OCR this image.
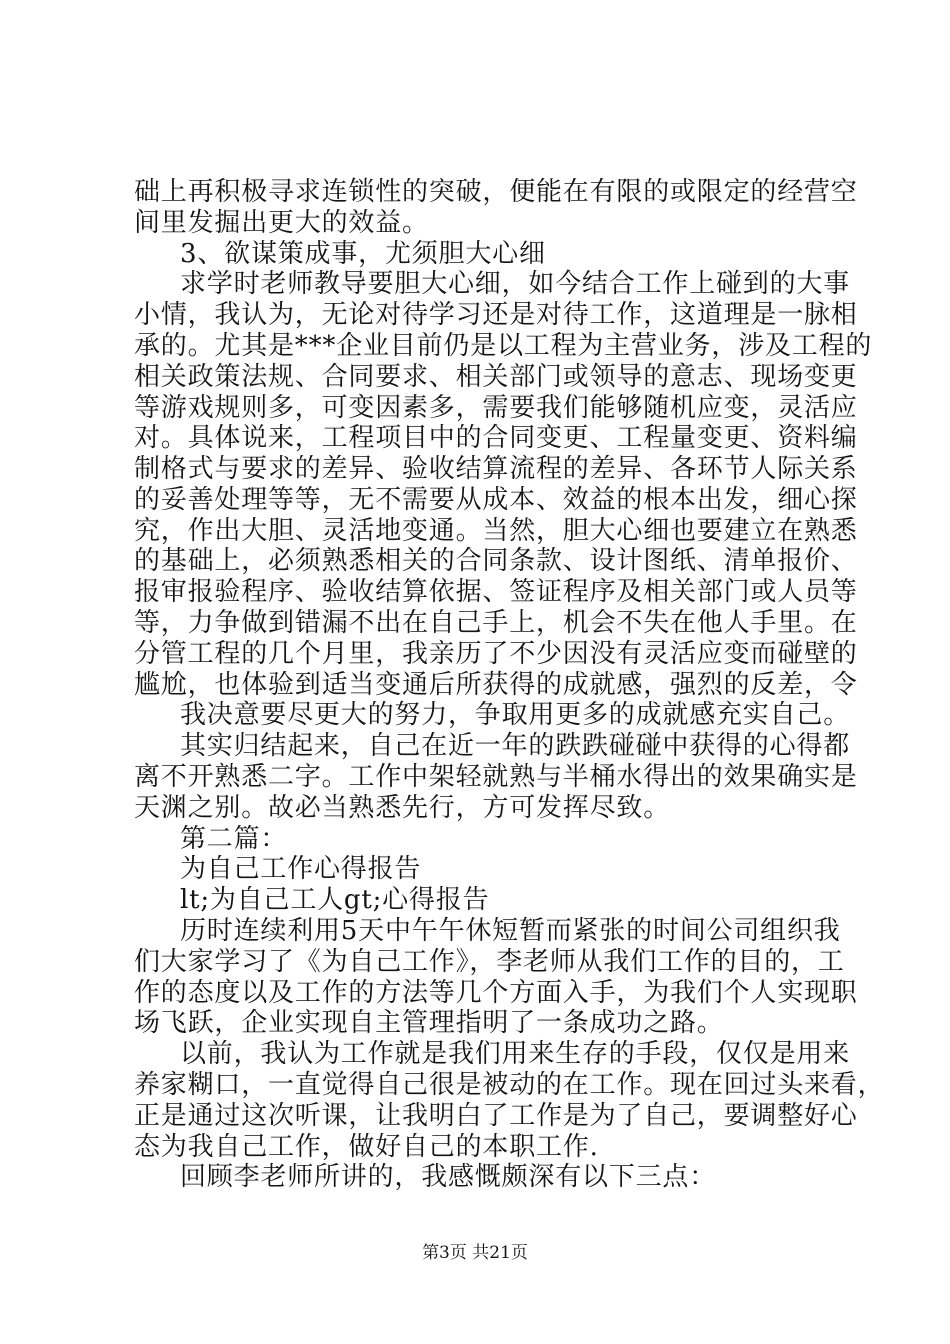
础上再积极寻求连锁性的突破，便能在有限的或限定的经营空
间里发掘出更大的效益。
3、欲谋策成事，尤须胆大心细
求学时老师教导要胆大心细，如今结合工作上碰到的大事
小情，我认为，无论对待学习还是对待工作，这道理是一脉相
承的。尤其是***企业目前仍是以工程为主营业务，涉及工程的
相关政策法规、合同要求、相关部门或领导的意志、现场变更
等游戏规则多，可变因素多，需要我们能够随机应变，灵活应
对。具体说来，工程项目中的合同变更、工程量变更、资料编
制格式与要求的差异、验收结算流程的差异、各环节人际关系
的妥善处理等等，无不需要从成本、效益的根本出发，细心探
究，作出大胆、灵活地变通。当然，胆大心细也要建立在熟悉
的基础上，必须熟悉相关的合同条款、设计图纸、清单报价、
报审报验程序、验收结算依据、签证程序及相关部门或人员等
等，力争做到错漏不出在自己手上，机会不失在他人手里。在
分管工程的几个月里，我亲历了不少因没有灵活应变而碰壁的
尴尬，也体验到适当变通后所获得的成就感，强烈的反差，令
我决意要尽更大的努力，争取用更多的成就感充实自己。
其实归结起来，自己在近一年的跌跌碰碰中获得的心得都
离不开熟悉二字。工作中架轻就熟与半桶水得出的效果确实是
天渊之别。故必当熟悉先行，方可发挥尽致。
第二篇：
为自己工作心得报告
lt;为自己工人gt;心得报告
历时连续利用5天中午午休短暂而紧张的时间公司组织我
们大家学习了《为自己工作》，李老师从我们工作的目的，工
作的态度以及工作的方法等几个方面入手，为我们个人实现职
场飞跃，企业实现自主管理指明了一条成功之路。
以前，我认为工作就是我们用来生存的手段，仅仅是用来
养家糊口，一直觉得自己很是被动的在工作。现在回过头来看，
正是通过这次听课，让我明白了工作是为了自己，要调整好心
态为我自己工作，做好自己的本职工作.
回顾李老师所讲的，我感慨颇深有以下三点：
第3页 共21页
